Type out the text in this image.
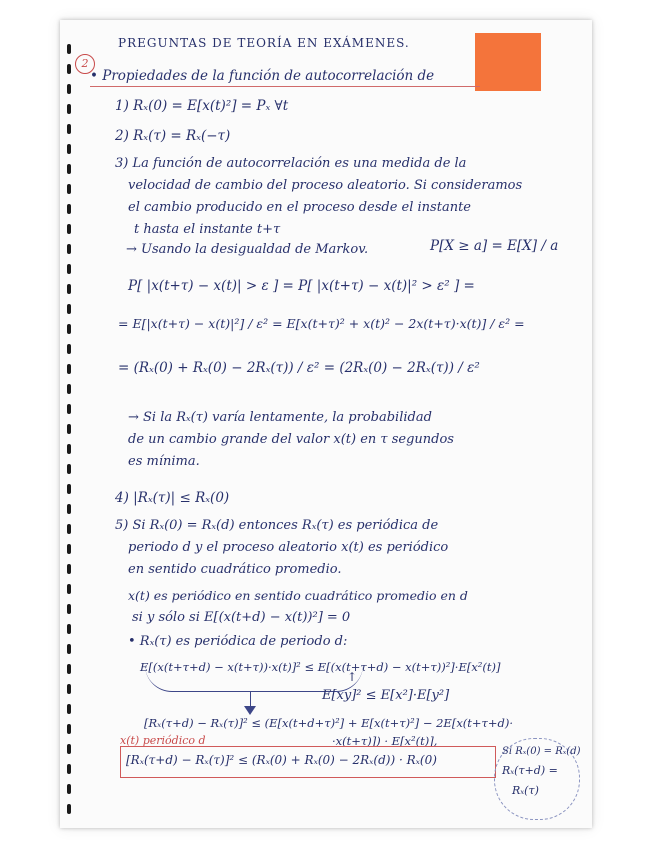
2
PREGUNTAS DE TEORÍA EN EXÁMENES.
• Propiedades de la función de autocorrelación de
1) Rₓ(0) = E[x(t)²] = Pₓ ∀t
2) Rₓ(τ) = Rₓ(−τ)
3) La función de autocorrelación es una medida de la
velocidad de cambio del proceso aleatorio. Si consideramos
el cambio producido en el proceso desde el instante
t hasta el instante t+τ
→ Usando la desigualdad de Markov.	P[X ≥ a] = E[X] / a
P[ |x(t+τ) − x(t)| > ε ] = P[ |x(t+τ) − x(t)|² > ε² ] =
= E[|x(t+τ) − x(t)|²] / ε² = E[x(t+τ)² + x(t)² − 2x(t+τ)·x(t)] / ε² =
= (Rₓ(0) + Rₓ(0) − 2Rₓ(τ)) / ε² = (2Rₓ(0) − 2Rₓ(τ)) / ε²
→ Si la Rₓ(τ) varía lentamente, la probabilidad
de un cambio grande del valor x(t) en τ segundos
es mínima.
4) |Rₓ(τ)| ≤ Rₓ(0)
5) Si Rₓ(0) = Rₓ(d) entonces Rₓ(τ) es periódica de
periodo d y el proceso aleatorio x(t) es periódico
en sentido cuadrático promedio.
x(t) es periódico en sentido cuadrático promedio en d
si y sólo si E[(x(t+d) − x(t))²] = 0
• Rₓ(τ) es periódica de periodo d:
E[(x(t+τ+d) − x(t+τ))·x(t)]² ≤ E[(x(t+τ+d) − x(t+τ))²]·E[x²(t)]
↑
E[xy]² ≤ E[x²]·E[y²]
[Rₓ(τ+d) − Rₓ(τ)]² ≤ (E[x(t+d+τ)²] + E[x(t+τ)²] − 2E[x(t+τ+d)·
·x(t+τ)]) · E[x²(t)],
x(t) periódico d
[Rₓ(τ+d) − Rₓ(τ)]² ≤ (Rₓ(0) + Rₓ(0) − 2Rₓ(d)) · Rₓ(0)
Si Rₓ(0) = Rₓ(d)
Rₓ(τ+d) =
Rₓ(τ)
